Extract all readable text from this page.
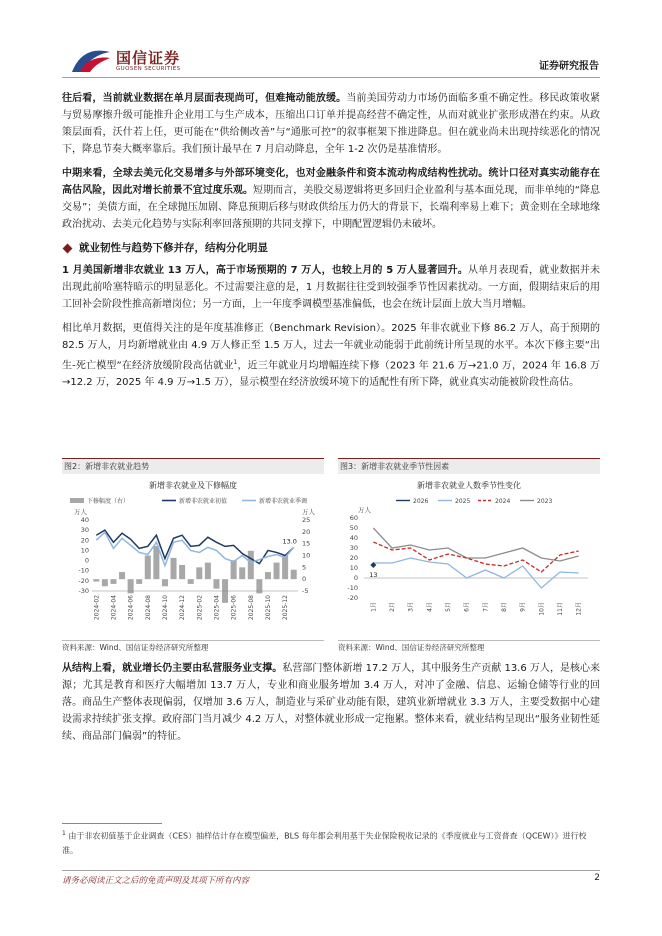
国信证券
GUOSEN SECURITIES	证券研究报告

往后看，当前就业数据在单月层面表现尚可，但难掩动能放缓。当前美国劳动力市场仍面临多重不确定性。移民政策收紧与贸易摩擦升级可能推升企业用工与生产成本，压缩出口订单并提高经营不确定性，从而对就业扩张形成潜在约束。从政策层面看，沃什若上任，更可能在“供给侧改善”与“通胀可控”的叙事框架下推进降息。但在就业尚未出现持续恶化的情况下，降息节奏大概率靠后。我们预计最早在 7 月启动降息，全年 1-2 次仍是基准情形。

中期来看，全球去美元化交易增多与外部环境变化，也对金融条件和资本流动构成结构性扰动。统计口径对真实动能存在高估风险，因此对增长前景不宜过度乐观。短期而言，美股交易逻辑将更多回归企业盈利与基本面兑现，而非单纯的“降息交易”；美债方面，在全球抛压加剧、降息预期后移与财政供给压力仍大的背景下，长端利率易上难下；黄金则在全球地缘政治扰动、去美元化趋势与实际利率回落预期的共同支撑下，中期配置逻辑仍未破坏。

就业韧性与趋势下修并存，结构分化明显

1 月美国新增非农就业 13 万人，高于市场预期的 7 万人，也较上月的 5 万人显著回升。从单月表现看，就业数据并未出现此前哈塞特暗示的明显恶化。不过需要注意的是，1 月数据往往受到较强季节性因素扰动。一方面，假期结束后的用工回补会阶段性推高新增岗位；另一方面，上一年度季调模型基准偏低，也会在统计层面上放大当月增幅。

相比单月数据，更值得关注的是年度基准修正（Benchmark Revision）。2025 年非农就业下修 86.2 万人，高于预期的 82.5 万人，月均新增就业由 4.9 万人修正至 1.5 万人，过去一年就业动能弱于此前统计所呈现的水平。本次下修主要“出生-死亡模型”在经济放缓阶段高估就业$^1$，近三年就业月均增幅连续下修（2023 年 21.6 万→21.0 万，2024 年 16.8 万→12.2 万，2025 年 4.9 万→1.5 万），显示模型在经济放缓环境下的适配性有所下降，就业真实动能被阶段性高估。

图2：新增非农就业趋势
新增非农就业及下修幅度
下修幅度（右）	新增非农就业初值	新增非农就业季调
万人	万人
-30
-20
-10
0
10
20
30
40
-5
0
5
10
15
20
25
13.0
2024-02 2024-04 2024-06 2024-08 2024-10 2024-12 2025-02 2025-04 2025-06 2025-08 2025-10 2025-12
资料来源：Wind、国信证券经济研究所整理
图3：新增非农就业季节性因素
新增非农就业人数季节性变化
2026	2025	2024	2023
万人
-20
-10
0
10
20
30
40
50
60
13
1月 2月 3月 4月 5月 6月 7月 8月 9月 10月 11月 12月
资料来源：Wind、国信证券经济研究所整理

从结构上看，就业增长仍主要由私营服务业支撑。私营部门整体新增 17.2 万人，其中服务生产贡献 13.6 万人，是核心来源；尤其是教育和医疗大幅增加 13.7 万人，专业和商业服务增加 3.4 万人，对冲了金融、信息、运输仓储等行业的回落。商品生产整体表现偏弱，仅增加 3.6 万人，制造业与采矿业动能有限，建筑业新增就业 3.3 万人，主要受数据中心建设需求持续扩张支撑。政府部门当月减少 4.2 万人，对整体就业形成一定拖累。整体来看，就业结构呈现出“服务业韧性延续、商品部门偏弱”的特征。

$^1$ 由于非农初值基于企业调查（CES）抽样估计存在模型偏差，BLS 每年都会利用基于失业保险税收记录的《季度就业与工资普查（QCEW）》进行校准。
请务必阅读正文之后的免责声明及其项下所有内容	2
